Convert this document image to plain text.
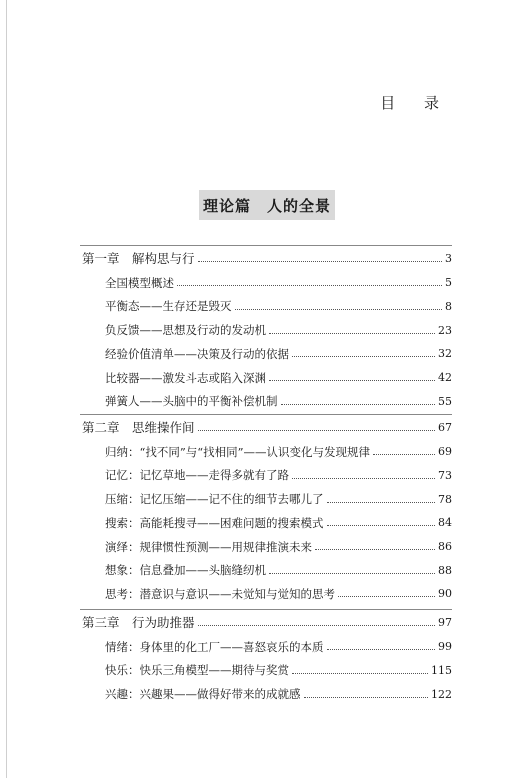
目 录
理论篇　人的全景
第一章　解构思与行	3
全国模型概述	5
平衡态——生存还是毁灭	8
负反馈——思想及行动的发动机	23
经验价值清单——决策及行动的依据	32
比较器——激发斗志或陷入深渊	42
弹簧人——头脑中的平衡补偿机制	55
第二章　思维操作间	67
归纳：“找不同”与“找相同”——认识变化与发现规律	69
记忆：记忆草地——走得多就有了路	73
压缩：记忆压缩——记不住的细节去哪儿了	78
搜索：高能耗搜寻——困难问题的搜索模式	84
演绎：规律惯性预测——用规律推演未来	86
想象：信息叠加——头脑缝纫机	88
思考：潜意识与意识——未觉知与觉知的思考	90
第三章　行为助推器	97
情绪：身体里的化工厂——喜怒哀乐的本质	99
快乐：快乐三角模型——期待与奖赏	115
兴趣：兴趣果——做得好带来的成就感	122
